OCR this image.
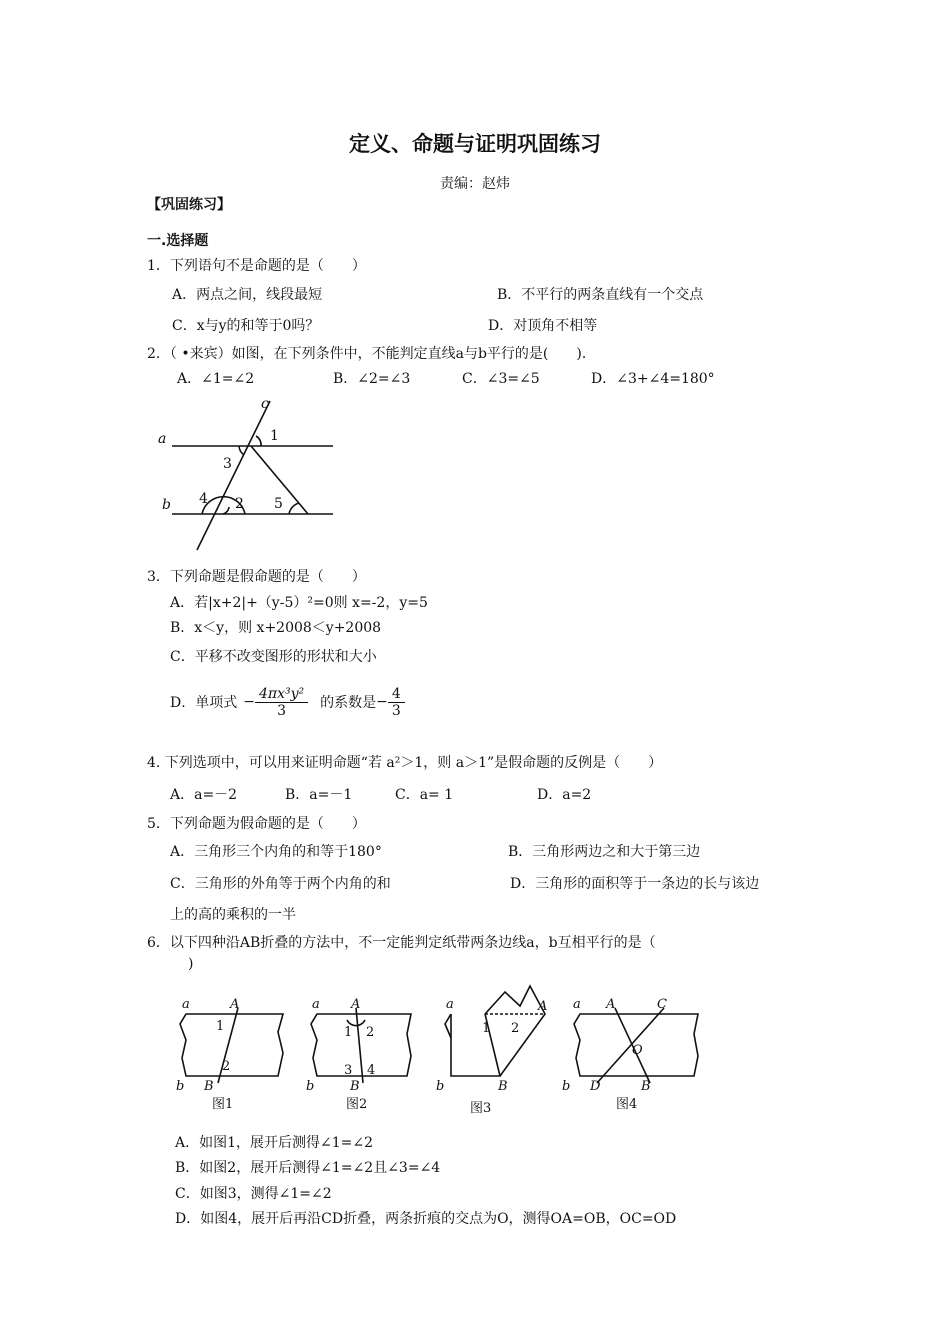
定义、命题与证明巩固练习
责编：赵炜
【巩固练习】
一.选择题
1．下列语句不是命题的是（　　）
A．两点之间，线段最短	B．不平行的两条直线有一个交点
C．x与y的和等于0吗？	D．对顶角不相等
2．（ •来宾）如图，在下列条件中，不能判定直线a与b平行的是(　　)．
A．∠1=∠2	B．∠2=∠3	C．∠3=∠5	D．∠3+∠4=180°
a
b
c
1
2
3
4	5
3．下列命题是假命题的是（　　）
A．若|x+2|+（y-5）²=0则 x=-2，y=5
B．x＜y，则 x+2008＜y+2008
C．平移不改变图形的形状和大小
D．单项式 − $\frac{\text{4πx³y²}}{3}$ 的系数是 − $\frac{4}{3}$
4. 下列选项中，可以用来证明命题“若 a²＞1，则 a＞1”是假命题的反例是（　　）
A．a=－2	B．a=－1	C．a= 1	D．a=2
5．下列命题为假命题的是（　　）
A．三角形三个内角的和等于180°	B．三角形两边之和大于第三边
C．三角形的外角等于两个内角的和	D．三角形的面积等于一条边的长与该边
上的高的乘积的一半
6．以下四种沿AB折叠的方法中，不一定能判定纸带两条边线a，b互相平行的是（
)
a	A
b B
a A
b	B
a	A
b	B
a A	C
O
b D	B
1
2
1 2
3 4
1 2
图1	图2	图3	图4
A．如图1，展开后测得∠1=∠2
B．如图2，展开后测得∠1=∠2且∠3=∠4
C．如图3，测得∠1=∠2
D．如图4，展开后再沿CD折叠，两条折痕的交点为O，测得OA=OB，OC=OD
